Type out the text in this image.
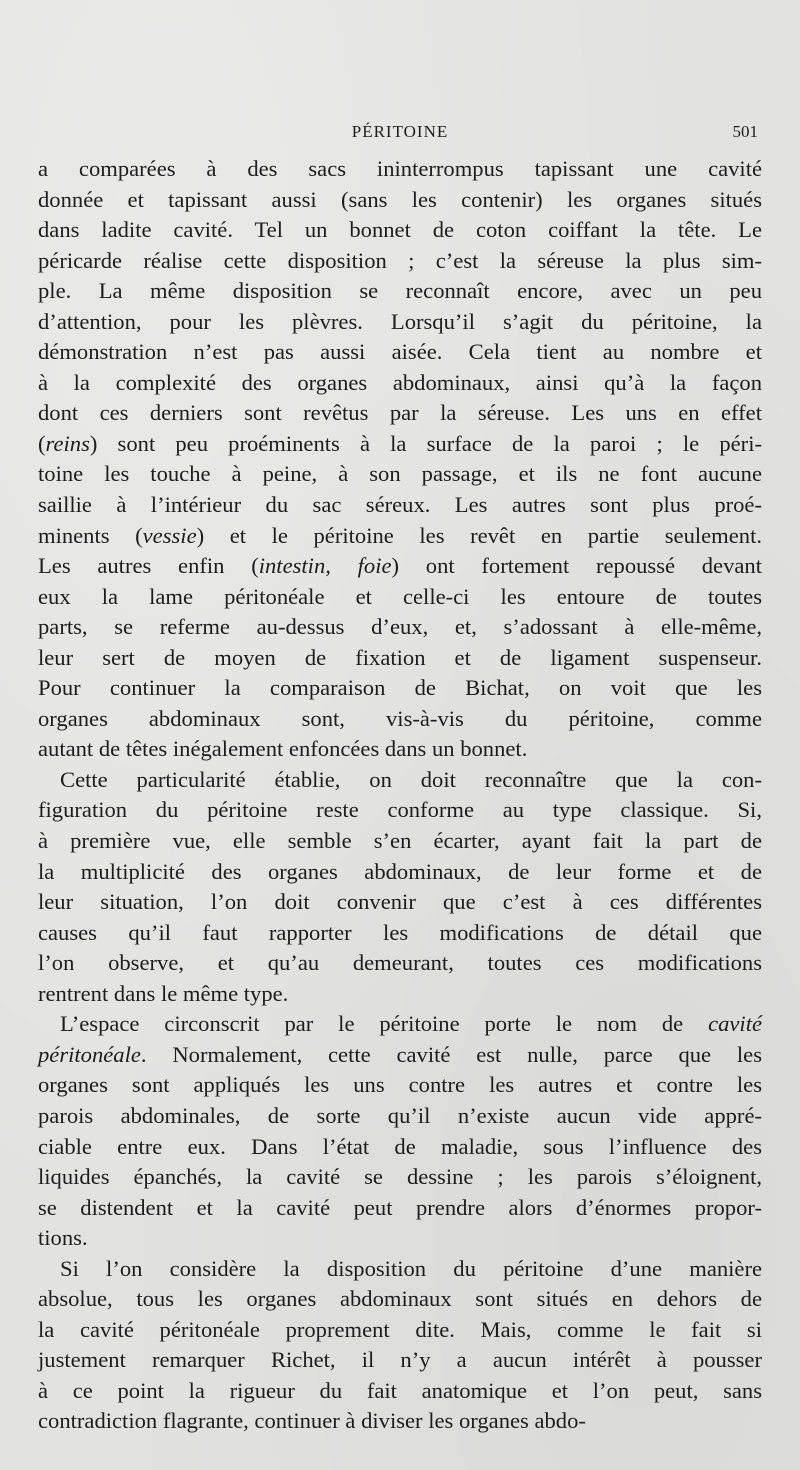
PÉRITOINE	501
a comparées à des sacs ininterrompus tapissant une cavité
donnée et tapissant aussi (sans les contenir) les organes situés
dans ladite cavité. Tel un bonnet de coton coiffant la tête. Le
péricarde réalise cette disposition ; c’est la séreuse la plus sim-
ple. La même disposition se reconnaît encore, avec un peu
d’attention, pour les plèvres. Lorsqu’il s’agit du péritoine, la
démonstration n’est pas aussi aisée. Cela tient au nombre et
à la complexité des organes abdominaux, ainsi qu’à la façon
dont ces derniers sont revêtus par la séreuse. Les uns en effet
(reins) sont peu proéminents à la surface de la paroi ; le péri-
toine les touche à peine, à son passage, et ils ne font aucune
saillie à l’intérieur du sac séreux. Les autres sont plus proé-
minents (vessie) et le péritoine les revêt en partie seulement.
Les autres enfin (intestin, foie) ont fortement repoussé devant
eux la lame péritonéale et celle-ci les entoure de toutes
parts, se referme au-dessus d’eux, et, s’adossant à elle-même,
leur sert de moyen de fixation et de ligament suspenseur.
Pour continuer la comparaison de Bichat, on voit que les
organes abdominaux sont, vis-à-vis du péritoine, comme
autant de têtes inégalement enfoncées dans un bonnet.
Cette particularité établie, on doit reconnaître que la con-
figuration du péritoine reste conforme au type classique. Si,
à première vue, elle semble s’en écarter, ayant fait la part de
la multiplicité des organes abdominaux, de leur forme et de
leur situation, l’on doit convenir que c’est à ces différentes
causes qu’il faut rapporter les modifications de détail que
l’on observe, et qu’au demeurant, toutes ces modifications
rentrent dans le même type.
L’espace circonscrit par le péritoine porte le nom de cavité
péritonéale. Normalement, cette cavité est nulle, parce que les
organes sont appliqués les uns contre les autres et contre les
parois abdominales, de sorte qu’il n’existe aucun vide appré-
ciable entre eux. Dans l’état de maladie, sous l’influence des
liquides épanchés, la cavité se dessine ; les parois s’éloignent,
se distendent et la cavité peut prendre alors d’énormes propor-
tions.
Si l’on considère la disposition du péritoine d’une manière
absolue, tous les organes abdominaux sont situés en dehors de
la cavité péritonéale proprement dite. Mais, comme le fait si
justement remarquer Richet, il n’y a aucun intérêt à pousser
à ce point la rigueur du fait anatomique et l’on peut, sans
contradiction flagrante, continuer à diviser les organes abdo-
